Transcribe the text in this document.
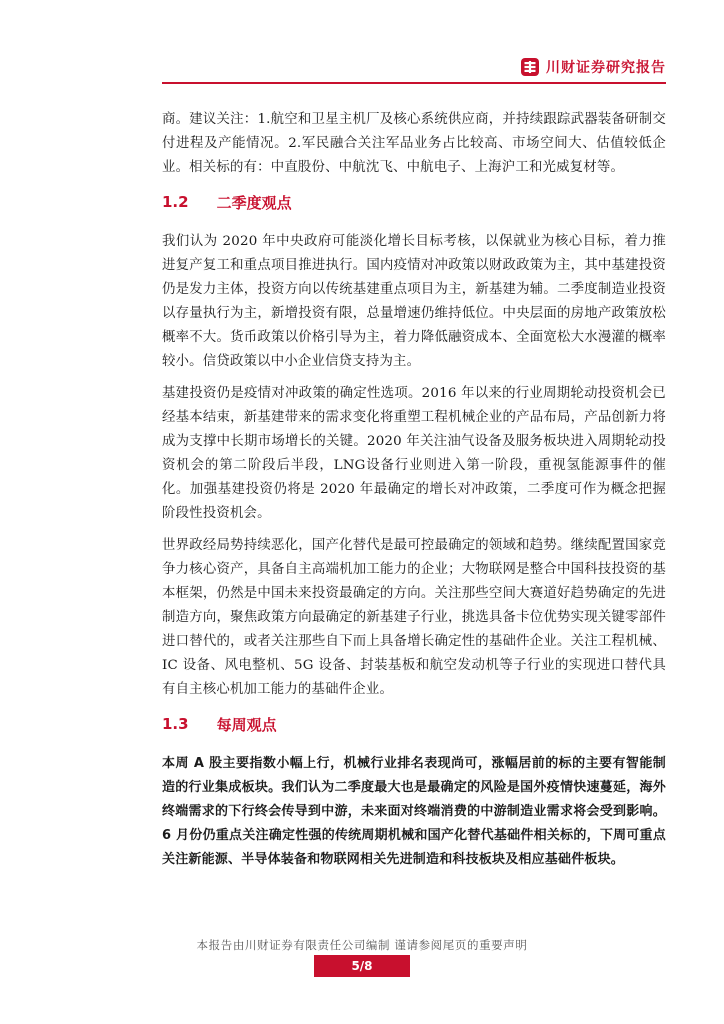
川财证券研究报告

商。建议关注：1.航空和卫星主机厂及核心系统供应商，并持续跟踪武器装备研制交付进程及产能情况。2.军民融合关注军品业务占比较高、市场空间大、估值较低企业。相关标的有：中直股份、中航沈飞、中航电子、上海沪工和光威复材等。

1.2 二季度观点

我们认为 2020 年中央政府可能淡化增长目标考核，以保就业为核心目标，着力推进复产复工和重点项目推进执行。国内疫情对冲政策以财政政策为主，其中基建投资仍是发力主体，投资方向以传统基建重点项目为主，新基建为辅。二季度制造业投资以存量执行为主，新增投资有限，总量增速仍维持低位。中央层面的房地产政策放松概率不大。货币政策以价格引导为主，着力降低融资成本、全面宽松大水漫灌的概率较小。信贷政策以中小企业信贷支持为主。

基建投资仍是疫情对冲政策的确定性选项。2016 年以来的行业周期轮动投资机会已经基本结束，新基建带来的需求变化将重塑工程机械企业的产品布局，产品创新力将成为支撑中长期市场增长的关键。2020 年关注油气设备及服务板块进入周期轮动投资机会的第二阶段后半段，LNG设备行业则进入第一阶段，重视氢能源事件的催化。加强基建投资仍将是 2020 年最确定的增长对冲政策，二季度可作为概念把握阶段性投资机会。

世界政经局势持续恶化，国产化替代是最可控最确定的领域和趋势。继续配置国家竞争力核心资产，具备自主高端机加工能力的企业；大物联网是整合中国科技投资的基本框架，仍然是中国未来投资最确定的方向。关注那些空间大赛道好趋势确定的先进制造方向，聚焦政策方向最确定的新基建子行业，挑选具备卡位优势实现关键零部件进口替代的，或者关注那些自下而上具备增长确定性的基础件企业。关注工程机械、IC 设备、风电整机、5G 设备、封装基板和航空发动机等子行业的实现进口替代具有自主核心机加工能力的基础件企业。

1.3 每周观点

本周 A 股主要指数小幅上行，机械行业排名表现尚可，涨幅居前的标的主要有智能制造的行业集成板块。我们认为二季度最大也是最确定的风险是国外疫情快速蔓延，海外终端需求的下行终会传导到中游，未来面对终端消费的中游制造业需求将会受到影响。6 月份仍重点关注确定性强的传统周期机械和国产化替代基础件相关标的，下周可重点关注新能源、半导体装备和物联网相关先进制造和科技板块及相应基础件板块。

本报告由川财证券有限责任公司编制 谨请参阅尾页的重要声明
5/8
